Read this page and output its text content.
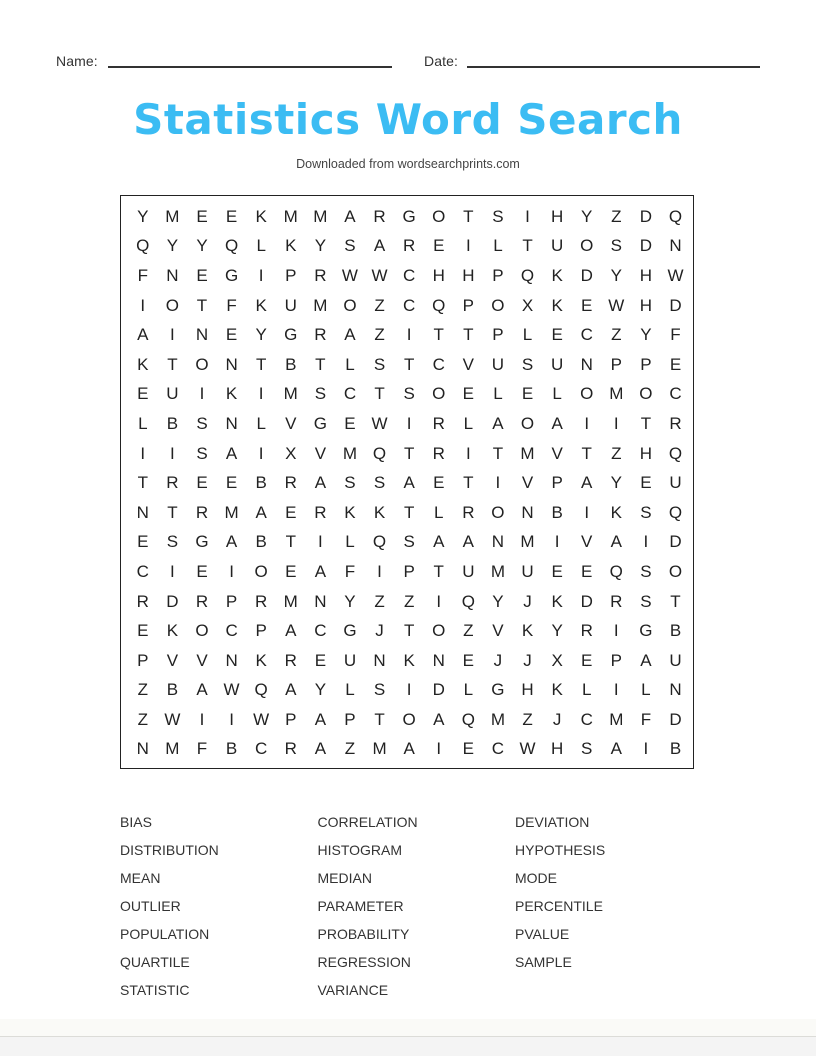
Name:	Date:
Statistics Word Search
Downloaded from wordsearchprints.com
Y M E	E	K M M A	R G O	T	S	I	H	Y	Z	D Q
Q	Y	Y	Q	L	K	Y	S	A	R	E	I	L	T	U O	S	D	N
F	N	E	G	I	P	R W W C	H	H	P	Q	K	D	Y	H W
I	O	T	F	K	U M O	Z	C Q	P	O	X	K	E W H	D
A	I	N	E	Y	G R	A	Z	I	T	T	P	L	E	C	Z	Y	F
K	T	O N	T	B	T	L	S	T	C	V	U	S	U	N	P	P	E
E	U	I	K	I	M S	C	T	S	O	E	L	E	L	O M O C
L	B	S	N	L	V	G	E W	I	R	L	A	O	A	I	I	T	R
I	I	S	A	I	X	V M Q	T	R	I	T	M V	T	Z	H Q
T	R	E	E	B	R	A	S	S	A	E	T	I	V	P	A	Y	E	U
N	T	R M A	E	R	K	K	T	L	R O N	B	I	K	S	Q
E	S	G	A	B	T	I	L	Q	S	A	A	N M	I	V	A	I	D
C	I	E	I	O	E	A	F	I	P	T	U M U	E	E	Q	S	O
R	D	R	P	R M N	Y	Z	Z	I	Q	Y	J	K	D	R	S	T
E	K	O C	P	A	C G	J	T	O	Z	V	K	Y	R	I	G	B
P	V	V	N	K	R	E	U	N	K	N	E	J	J	X	E	P	A	U
Z	B	A W Q	A	Y	L	S	I	D	L	G H	K	L	I	L	N
Z W	I	I	W P	A	P	T	O	A	Q M	Z	J	C M	F	D
N M	F	B	C	R	A	Z	M A	I	E	C W H	S	A	I	B
BIAS	CORRELATION	DEVIATION
DISTRIBUTION	HISTOGRAM	HYPOTHESIS
MEAN	MEDIAN	MODE
OUTLIER	PARAMETER	PERCENTILE
POPULATION	PROBABILITY	PVALUE
QUARTILE	REGRESSION	SAMPLE
STATISTIC	VARIANCE
